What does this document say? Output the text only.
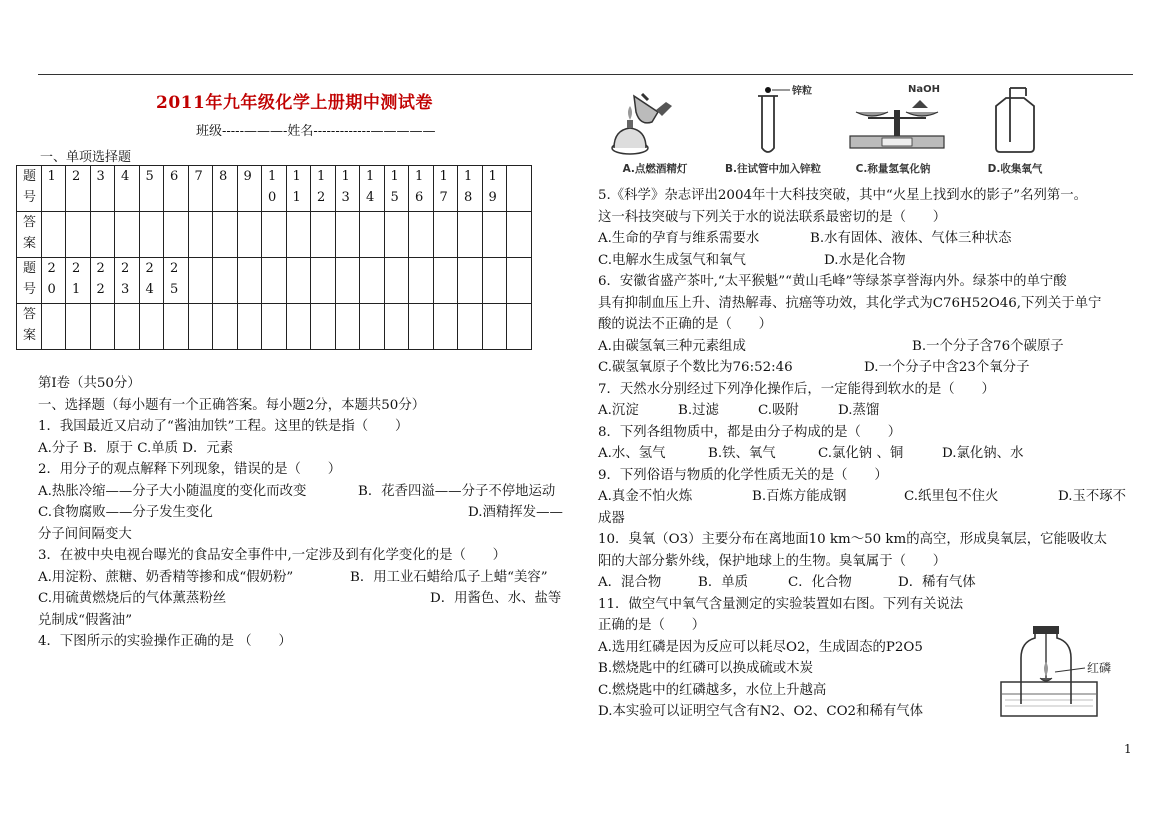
2011年九年级化学上册期中测试卷
班级-----———-姓名-------------—————
一、单项选择题
题号	1	2	3	4	5	6	7	8	9	10	11	12	13	14	15	16	17	18	19	

答案																				

题号	20	21	22	23	24	25														

答案																				

第Ⅰ卷（共50分）
一、选择题（每小题有一个正确答案。每小题2分，本题共50分）
1．我国最近又启动了“酱油加铁”工程。这里的铁是指（　　）
A.分子 B．原于 C.单质 D．元素
2．用分子的观点解释下列现象，错误的是（　　）
A.热胀冷缩——分子大小随温度的变化而改变	B．花香四溢——分子不停地运动
C.食物腐败——分子发生变化	D.酒精挥发——
分子间间隔变大
3．在被中央电视台曝光的食品安全事件中,一定涉及到有化学变化的是（　　）
A.用淀粉、蔗糖、奶香精等掺和成“假奶粉”	B．用工业石蜡给瓜子上蜡“美容”
C.用硫黄燃烧后的气体薰蒸粉丝	D．用酱色、水、盐等
兑制成“假酱油”
4．下图所示的实验操作正确的是 （　　）
A.点燃酒精灯
锌粒
B.往试管中加入锌粒
NaOH
C.称量氢氧化钠	D.收集氧气
5.《科学》杂志评出2004年十大科技突破，其中“火星上找到水的影子”名列第一。
这一科技突破与下列关于水的说法联系最密切的是（　　）
A.生命的孕育与维系需要水	B.水有固体、液体、气体三种状态
C.电解水生成氢气和氧气	D.水是化合物
6．安徽省盛产茶叶,“太平猴魁”“黄山毛峰”等绿茶享誉海内外。绿茶中的单宁酸
具有抑制血压上升、清热解毒、抗癌等功效，其化学式为C76H52O46,下列关于单宁
酸的说法不正确的是（　　）
A.由碳氢氧三种元素组成	B.一个分子含76个碳原子
C.碳氢氧原子个数比为76:52:46	D.一个分子中含23个氧分子
7．天然水分别经过下列净化操作后，一定能得到软水的是（　　）
A.沉淀	B.过滤	C.吸附	D.蒸馏
8．下列各组物质中，都是由分子构成的是（　　）
A.水、氢气	B.铁、氧气	C.氯化钠 、铜	D.氯化钠、水
9．下列俗语与物质的化学性质无关的是（　　）
A.真金不怕火炼	B.百炼方能成钢	C.纸里包不住火	D.玉不琢不
成器
10．臭氧（O3）主要分布在离地面10 km～50 km的高空，形成臭氧层，它能吸收太
阳的大部分紫外线，保护地球上的生物。臭氧属于（　　）
A．混合物	B．单质	C．化合物	D．稀有气体
11．做空气中氧气含量测定的实验装置如右图。下列有关说法
正确的是（　　）
A.选用红磷是因为反应可以耗尽O2，生成固态的P2O5
B.燃烧匙中的红磷可以换成硫或木炭
C.燃烧匙中的红磷越多，水位上升越高
D.本实验可以证明空气含有N2、O2、CO2和稀有气体
红磷
1
